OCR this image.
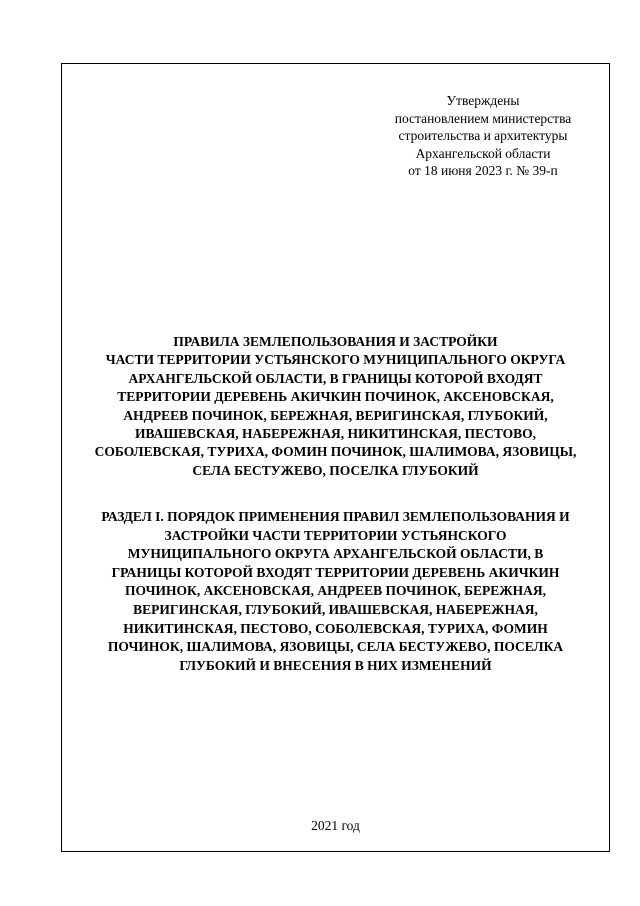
Утверждены
постановлением министерства
строительства и архитектуры
Архангельской области
от 18 июня 2023 г. № 39-п
ПРАВИЛА ЗЕМЛЕПОЛЬЗОВАНИЯ И ЗАСТРОЙКИ
ЧАСТИ ТЕРРИТОРИИ УСТЬЯНСКОГО МУНИЦИПАЛЬНОГО ОКРУГА
АРХАНГЕЛЬСКОЙ ОБЛАСТИ, В ГРАНИЦЫ КОТОРОЙ ВХОДЯТ
ТЕРРИТОРИИ ДЕРЕВЕНЬ АКИЧКИН ПОЧИНОК, АКСЕНОВСКАЯ,
АНДРЕЕВ ПОЧИНОК, БЕРЕЖНАЯ, ВЕРИГИНСКАЯ, ГЛУБОКИЙ,
ИВАШЕВСКАЯ, НАБЕРЕЖНАЯ, НИКИТИНСКАЯ, ПЕСТОВО,
СОБОЛЕВСКАЯ, ТУРИХА, ФОМИН ПОЧИНОК, ШАЛИМОВА, ЯЗОВИЦЫ,
СЕЛА БЕСТУЖЕВО, ПОСЕЛКА ГЛУБОКИЙ
РАЗДЕЛ I. ПОРЯДОК ПРИМЕНЕНИЯ ПРАВИЛ ЗЕМЛЕПОЛЬЗОВАНИЯ И
ЗАСТРОЙКИ ЧАСТИ ТЕРРИТОРИИ УСТЬЯНСКОГО
МУНИЦИПАЛЬНОГО ОКРУГА АРХАНГЕЛЬСКОЙ ОБЛАСТИ, В
ГРАНИЦЫ КОТОРОЙ ВХОДЯТ ТЕРРИТОРИИ ДЕРЕВЕНЬ АКИЧКИН
ПОЧИНОК, АКСЕНОВСКАЯ, АНДРЕЕВ ПОЧИНОК, БЕРЕЖНАЯ,
ВЕРИГИНСКАЯ, ГЛУБОКИЙ, ИВАШЕВСКАЯ, НАБЕРЕЖНАЯ,
НИКИТИНСКАЯ, ПЕСТОВО, СОБОЛЕВСКАЯ, ТУРИХА, ФОМИН
ПОЧИНОК, ШАЛИМОВА, ЯЗОВИЦЫ, СЕЛА БЕСТУЖЕВО, ПОСЕЛКА
ГЛУБОКИЙ И ВНЕСЕНИЯ В НИХ ИЗМЕНЕНИЙ
2021 год
